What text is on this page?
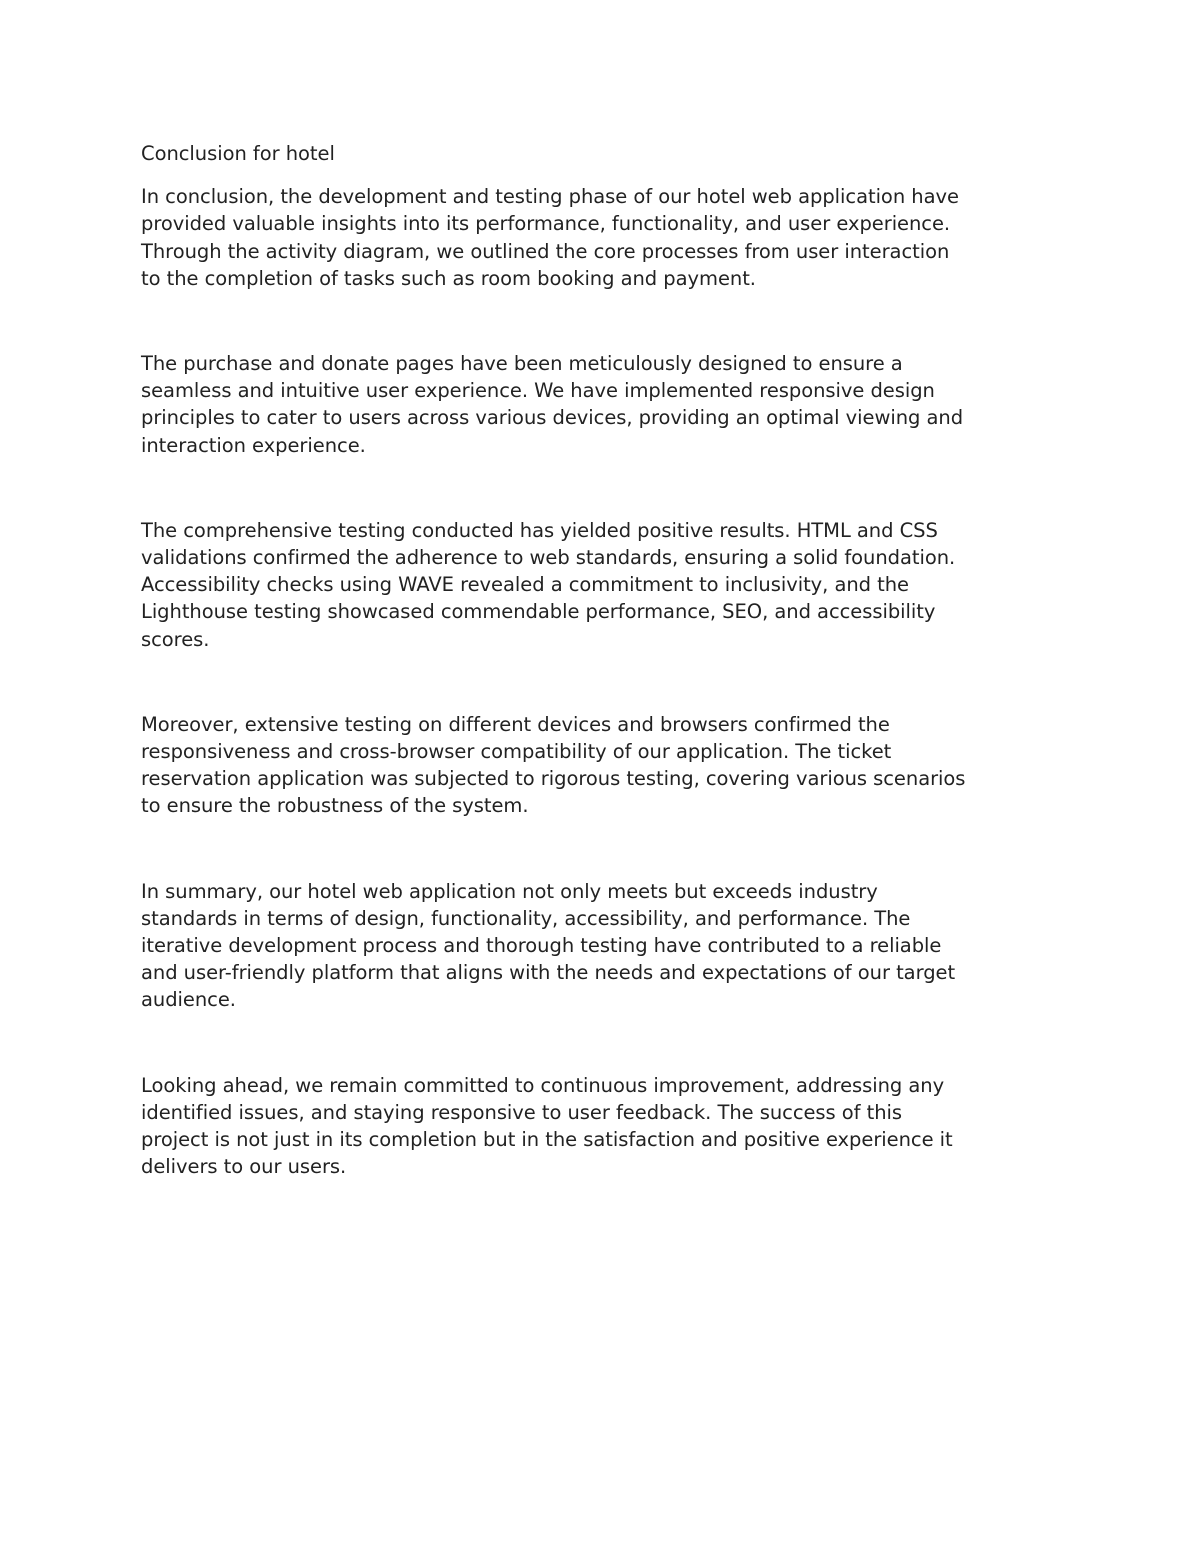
Conclusion for hotel
In conclusion, the development and testing phase of our hotel web application have
provided valuable insights into its performance, functionality, and user experience.
Through the activity diagram, we outlined the core processes from user interaction
to the completion of tasks such as room booking and payment.
The purchase and donate pages have been meticulously designed to ensure a
seamless and intuitive user experience. We have implemented responsive design
principles to cater to users across various devices, providing an optimal viewing and
interaction experience.
The comprehensive testing conducted has yielded positive results. HTML and CSS
validations confirmed the adherence to web standards, ensuring a solid foundation.
Accessibility checks using WAVE revealed a commitment to inclusivity, and the
Lighthouse testing showcased commendable performance, SEO, and accessibility
scores.
Moreover, extensive testing on different devices and browsers confirmed the
responsiveness and cross-browser compatibility of our application. The ticket
reservation application was subjected to rigorous testing, covering various scenarios
to ensure the robustness of the system.
In summary, our hotel web application not only meets but exceeds industry
standards in terms of design, functionality, accessibility, and performance. The
iterative development process and thorough testing have contributed to a reliable
and user-friendly platform that aligns with the needs and expectations of our target
audience.
Looking ahead, we remain committed to continuous improvement, addressing any
identified issues, and staying responsive to user feedback. The success of this
project is not just in its completion but in the satisfaction and positive experience it
delivers to our users.
